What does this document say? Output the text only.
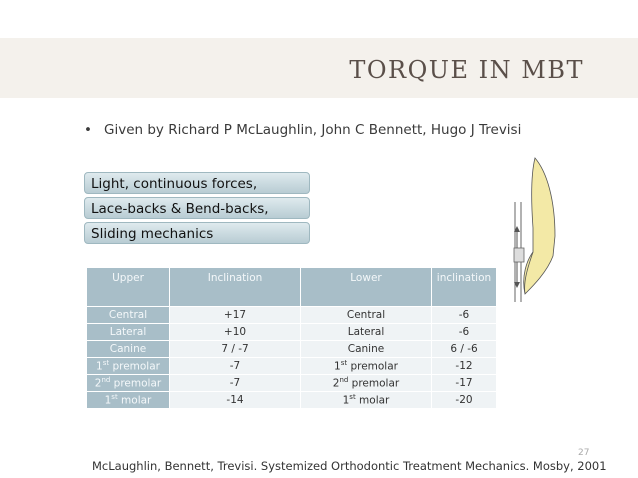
TORQUE IN MBT
• Given by Richard P McLaughlin, John C Bennett, Hugo J Trevisi
Light, continuous forces,
Lace-backs & Bend-backs,
Sliding mechanics
Upper	Inclination	Lower	inclination
Central	+17	Central	-6
Lateral	+10	Lateral	-6
Canine	7 / -7	Canine	6 / -6
1st premolar	-7	1st premolar	-12
2nd premolar	-7	2nd premolar	-17
1st molar	-14	1st molar	-20
McLaughlin, Bennett, Trevisi. Systemized Orthodontic Treatment Mechanics. Mosby, 2001
27
